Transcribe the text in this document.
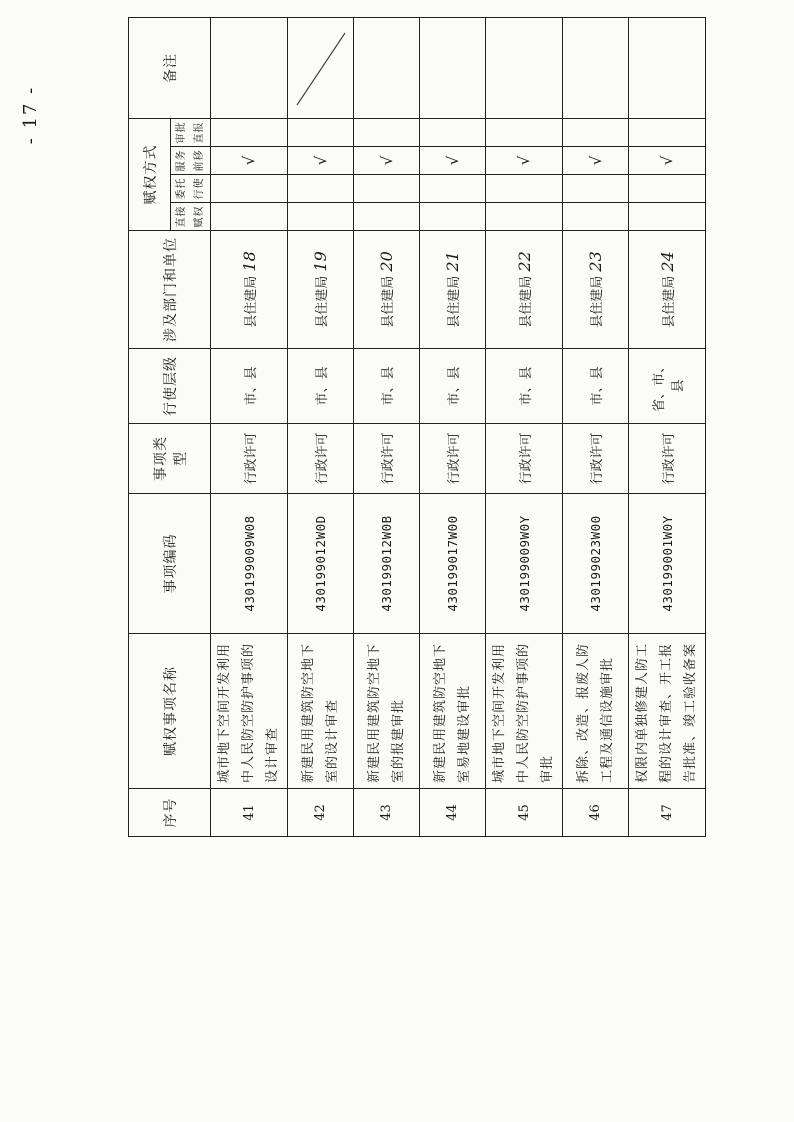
序号	赋权事项名称	事项编码	事项类型	行使层级	涉及部门和单位	赋权方式				备注
						直接赋权	委托行使	服务前移	审批直报	
41	城市地下空间开发利用中人民防空防护事项的设计审查	430199009W08	行政许可	市、县	县住建局 18			√		
42	新建民用建筑防空地下室的设计审查	430199012W0D	行政许可	市、县	县住建局 19			√		

43	新建民用建筑防空地下室的报建审批	430199012W0B	行政许可	市、县	县住建局 20			√		
44	新建民用建筑防空地下室易地建设审批	430199017W00	行政许可	市、县	县住建局 21			√		
45	城市地下空间开发利用中人民防空防护事项的审批	430199009W0Y	行政许可	市、县	县住建局 22			√		
46	拆除、改造、报废人防工程及通信设施审批	430199023W00	行政许可	市、县	县住建局 23			√		
47	权限内单独修建人防工程的设计审查、开工报告批准、竣工验收备案	430199001W0Y	行政许可	省、市、县	县住建局 24			√		
- 17 -
